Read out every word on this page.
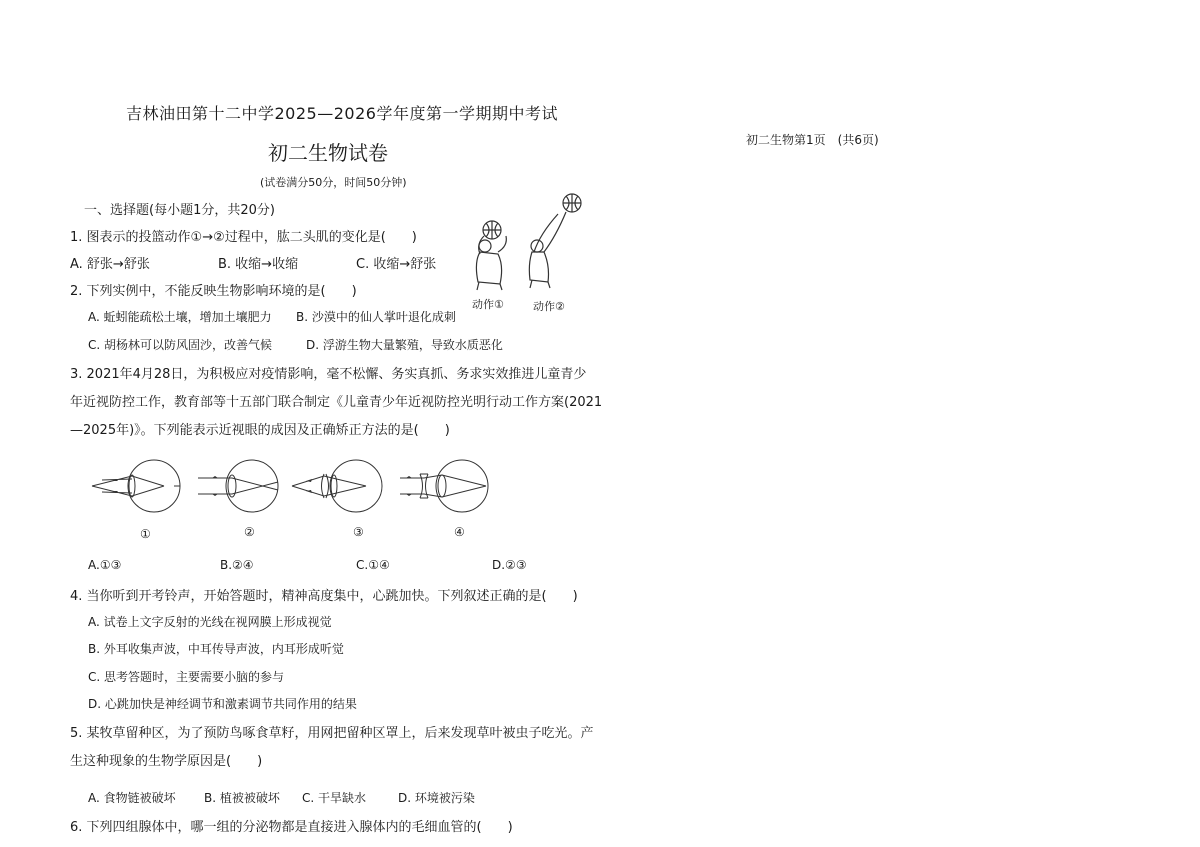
吉林油田第十二中学2025—2026学年度第一学期期中考试
初二生物试卷
(试卷满分50分，时间50分钟)
初二生物第1页　(共6页)
一、选择题(每小题1分，共20分)
1. 图表示的投篮动作①→②过程中，肱二头肌的变化是(　　)
A. 舒张→舒张	B. 收缩→收缩	C. 收缩→舒张
动作①	动作②
2. 下列实例中，不能反映生物影响环境的是(　　)
A. 蚯蚓能疏松土壤，增加土壤肥力 B. 沙漠中的仙人掌叶退化成刺
C. 胡杨林可以防风固沙，改善气候	D. 浮游生物大量繁殖，导致水质恶化
3. 2021年4月28日，为积极应对疫情影响，毫不松懈、务实真抓、务求实效推进儿童青少
年近视防控工作，教育部等十五部门联合制定《儿童青少年近视防控光明行动工作方案(2021
—2025年)》。下列能表示近视眼的成因及正确矫正方法的是(　　)
①	②	③	④
A.①③	B.②④	C.①④	D.②③
4. 当你听到开考铃声，开始答题时，精神高度集中，心跳加快。下列叙述正确的是(　　)
A. 试卷上文字反射的光线在视网膜上形成视觉
B. 外耳收集声波，中耳传导声波，内耳形成听觉
C. 思考答题时，主要需要小脑的参与
D. 心跳加快是神经调节和激素调节共同作用的结果
5. 某牧草留种区，为了预防鸟啄食草籽，用网把留种区罩上，后来发现草叶被虫子吃光。产
生这种现象的生物学原因是(　　)
A. 食物链被破坏 B. 植被被破坏 C. 干旱缺水	D. 环境被污染
6. 下列四组腺体中，哪一组的分泌物都是直接进入腺体内的毛细血管的(　　)
